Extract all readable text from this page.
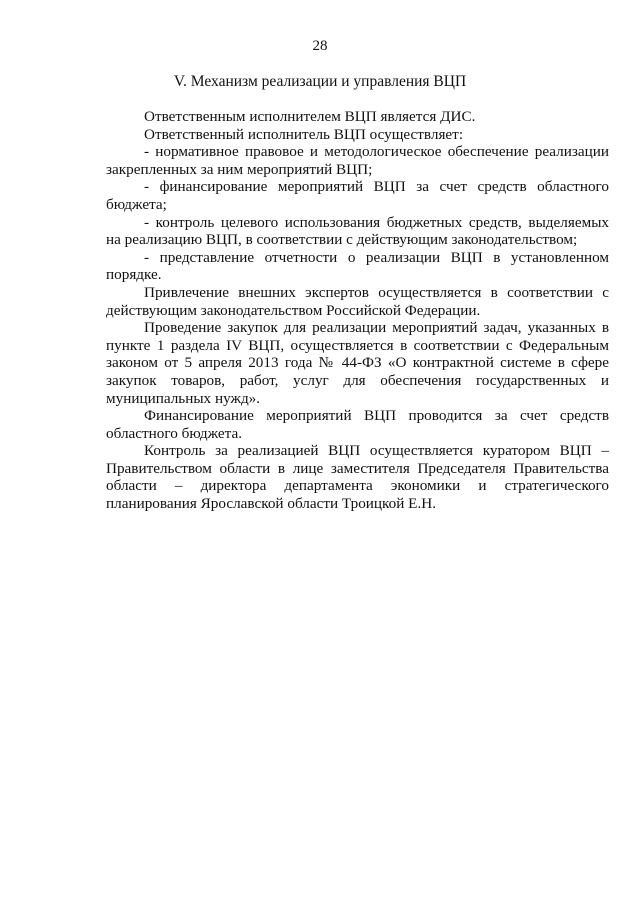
28
V. Механизм реализации и управления ВЦП

Ответственным исполнителем ВЦП является ДИС.

Ответственный исполнитель ВЦП осуществляет:

- нормативное правовое и методологическое обеспечение реализации закрепленных за ним мероприятий ВЦП;

- финансирование мероприятий ВЦП за счет средств областного бюджета;

- контроль целевого использования бюджетных средств, выделяемых на реализацию ВЦП, в соответствии с действующим законодательством;

- представление отчетности о реализации ВЦП в установленном порядке.

Привлечение внешних экспертов осуществляется в соответствии с действующим законодательством Российской Федерации.

Проведение закупок для реализации мероприятий задач, указанных в пункте 1 раздела IV ВЦП, осуществляется в соответствии с Федеральным законом от 5 апреля 2013 года № 44-ФЗ «О контрактной системе в сфере закупок товаров, работ, услуг для обеспечения государственных и муниципальных нужд».

Финансирование мероприятий ВЦП проводится за счет средств областного бюджета.

Контроль за реализацией ВЦП осуществляется куратором ВЦП – Правительством области в лице заместителя Председателя Правительства области – директора департамента экономики и стратегического планирования Ярославской области Троицкой Е.Н.
